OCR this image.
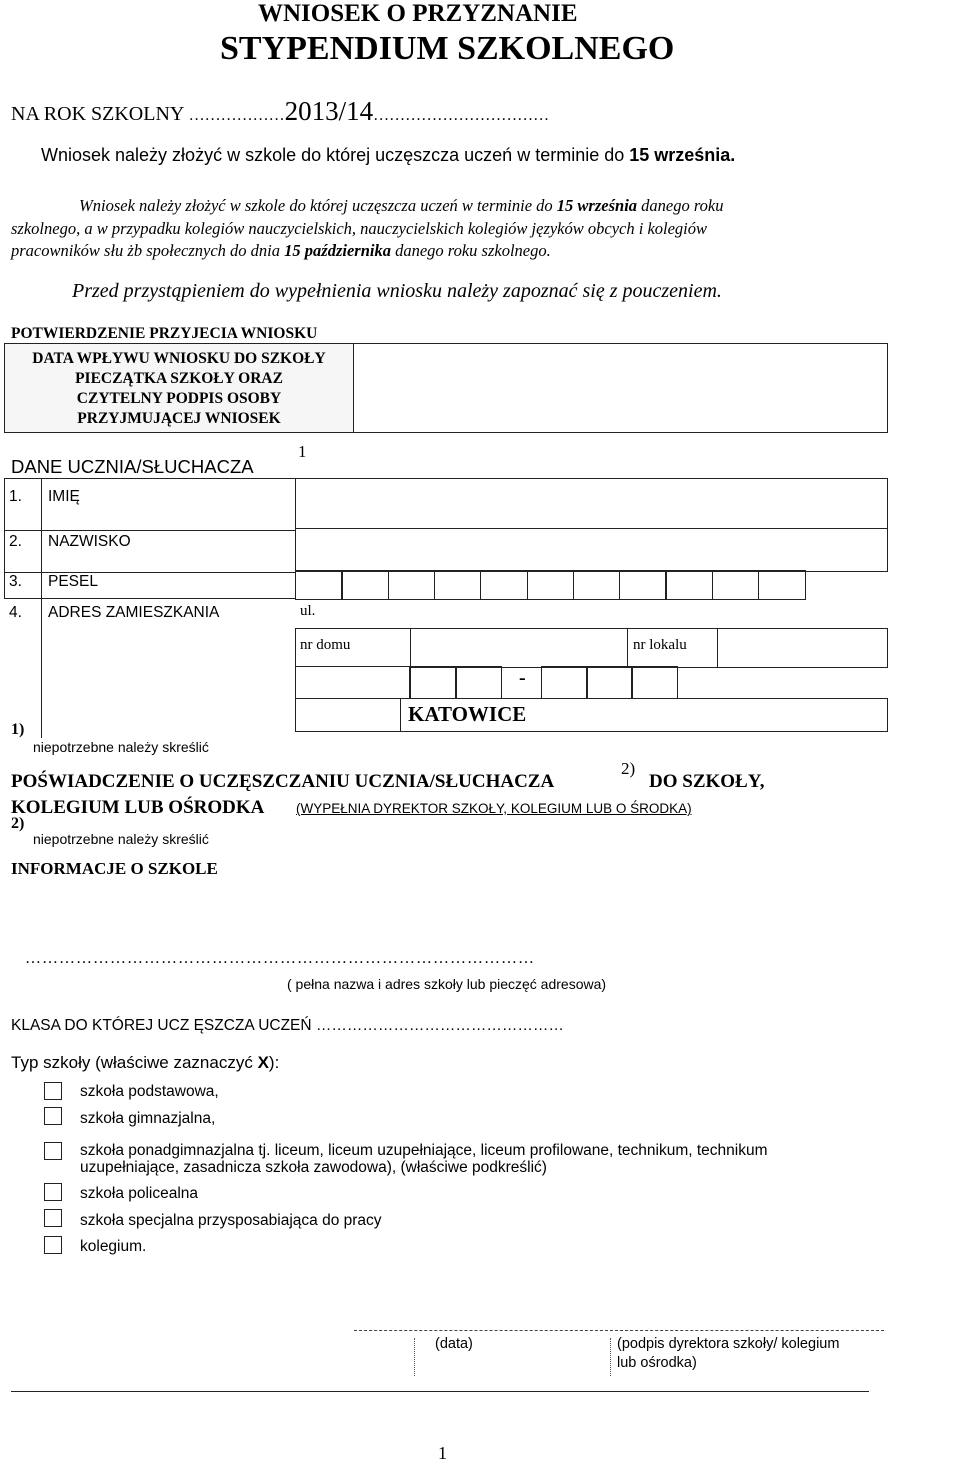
WNIOSEK O PRZYZNANIE
STYPENDIUM SZKOLNEGO
NA ROK SZKOLNY ………………2013/14……………………………
Wniosek należy złożyć w szkole do której uczęszcza uczeń w terminie do 15 września.
Wniosek należy złożyć w szkole do której uczęszcza uczeń w terminie do 15 września danego roku
szkolnego, a w przypadku kolegiów nauczycielskich, nauczycielskich kolegiów języków obcych i kolegiów
pracowników słu żb społecznych do dnia 15 października danego roku szkolnego.
Przed przystąpieniem do wypełnienia wniosku należy zapoznać się z pouczeniem.
POTWIERDZENIE PRZYJECIA WNIOSKU
DATA WPŁYWU WNIOSKU DO SZKOŁY
PIECZĄTKA SZKOŁY ORAZ
CZYTELNY PODPIS OSOBY
PRZYJMUJĄCEJ WNIOSEK
DANE UCZNIA/SŁUCHACZA
1
1. IMIĘ
2. NAZWISKO
3. PESEL
4. ADRES ZAMIESZKANIA	ul.
nr domu	nr lokalu
-
KATOWICE
1)
niepotrzebne należy skreślić
POŚWIADCZENIE O UCZĘSZCZANIU UCZNIA/SŁUCHACZA
2)
DO SZKOŁY,
KOLEGIUM LUB OŚRODKA (WYPEŁNIA DYREKTOR SZKOŁY, KOLEGIUM LUB O ŚRODKA)
2)
niepotrzebne należy skreślić
INFORMACJE O SZKOLE
………………………………………………………………………………
( pełna nazwa i adres szkoły lub pieczęć adresowa)
KLASA DO KTÓREJ UCZ ĘSZCZA UCZEŃ …………………………………………
Typ szkoły (właściwe zaznaczyć X):
szkoła podstawowa,
szkoła gimnazjalna,
szkoła ponadgimnazjalna tj. liceum, liceum uzupełniające, liceum profilowane, technikum, technikum
uzupełniające, zasadnicza szkoła zawodowa), (właściwe podkreślić)
szkoła policealna
szkoła specjalna przysposabiająca do pracy
kolegium.
(data)	(podpis dyrektora szkoły/ kolegium
lub ośrodka)
1
